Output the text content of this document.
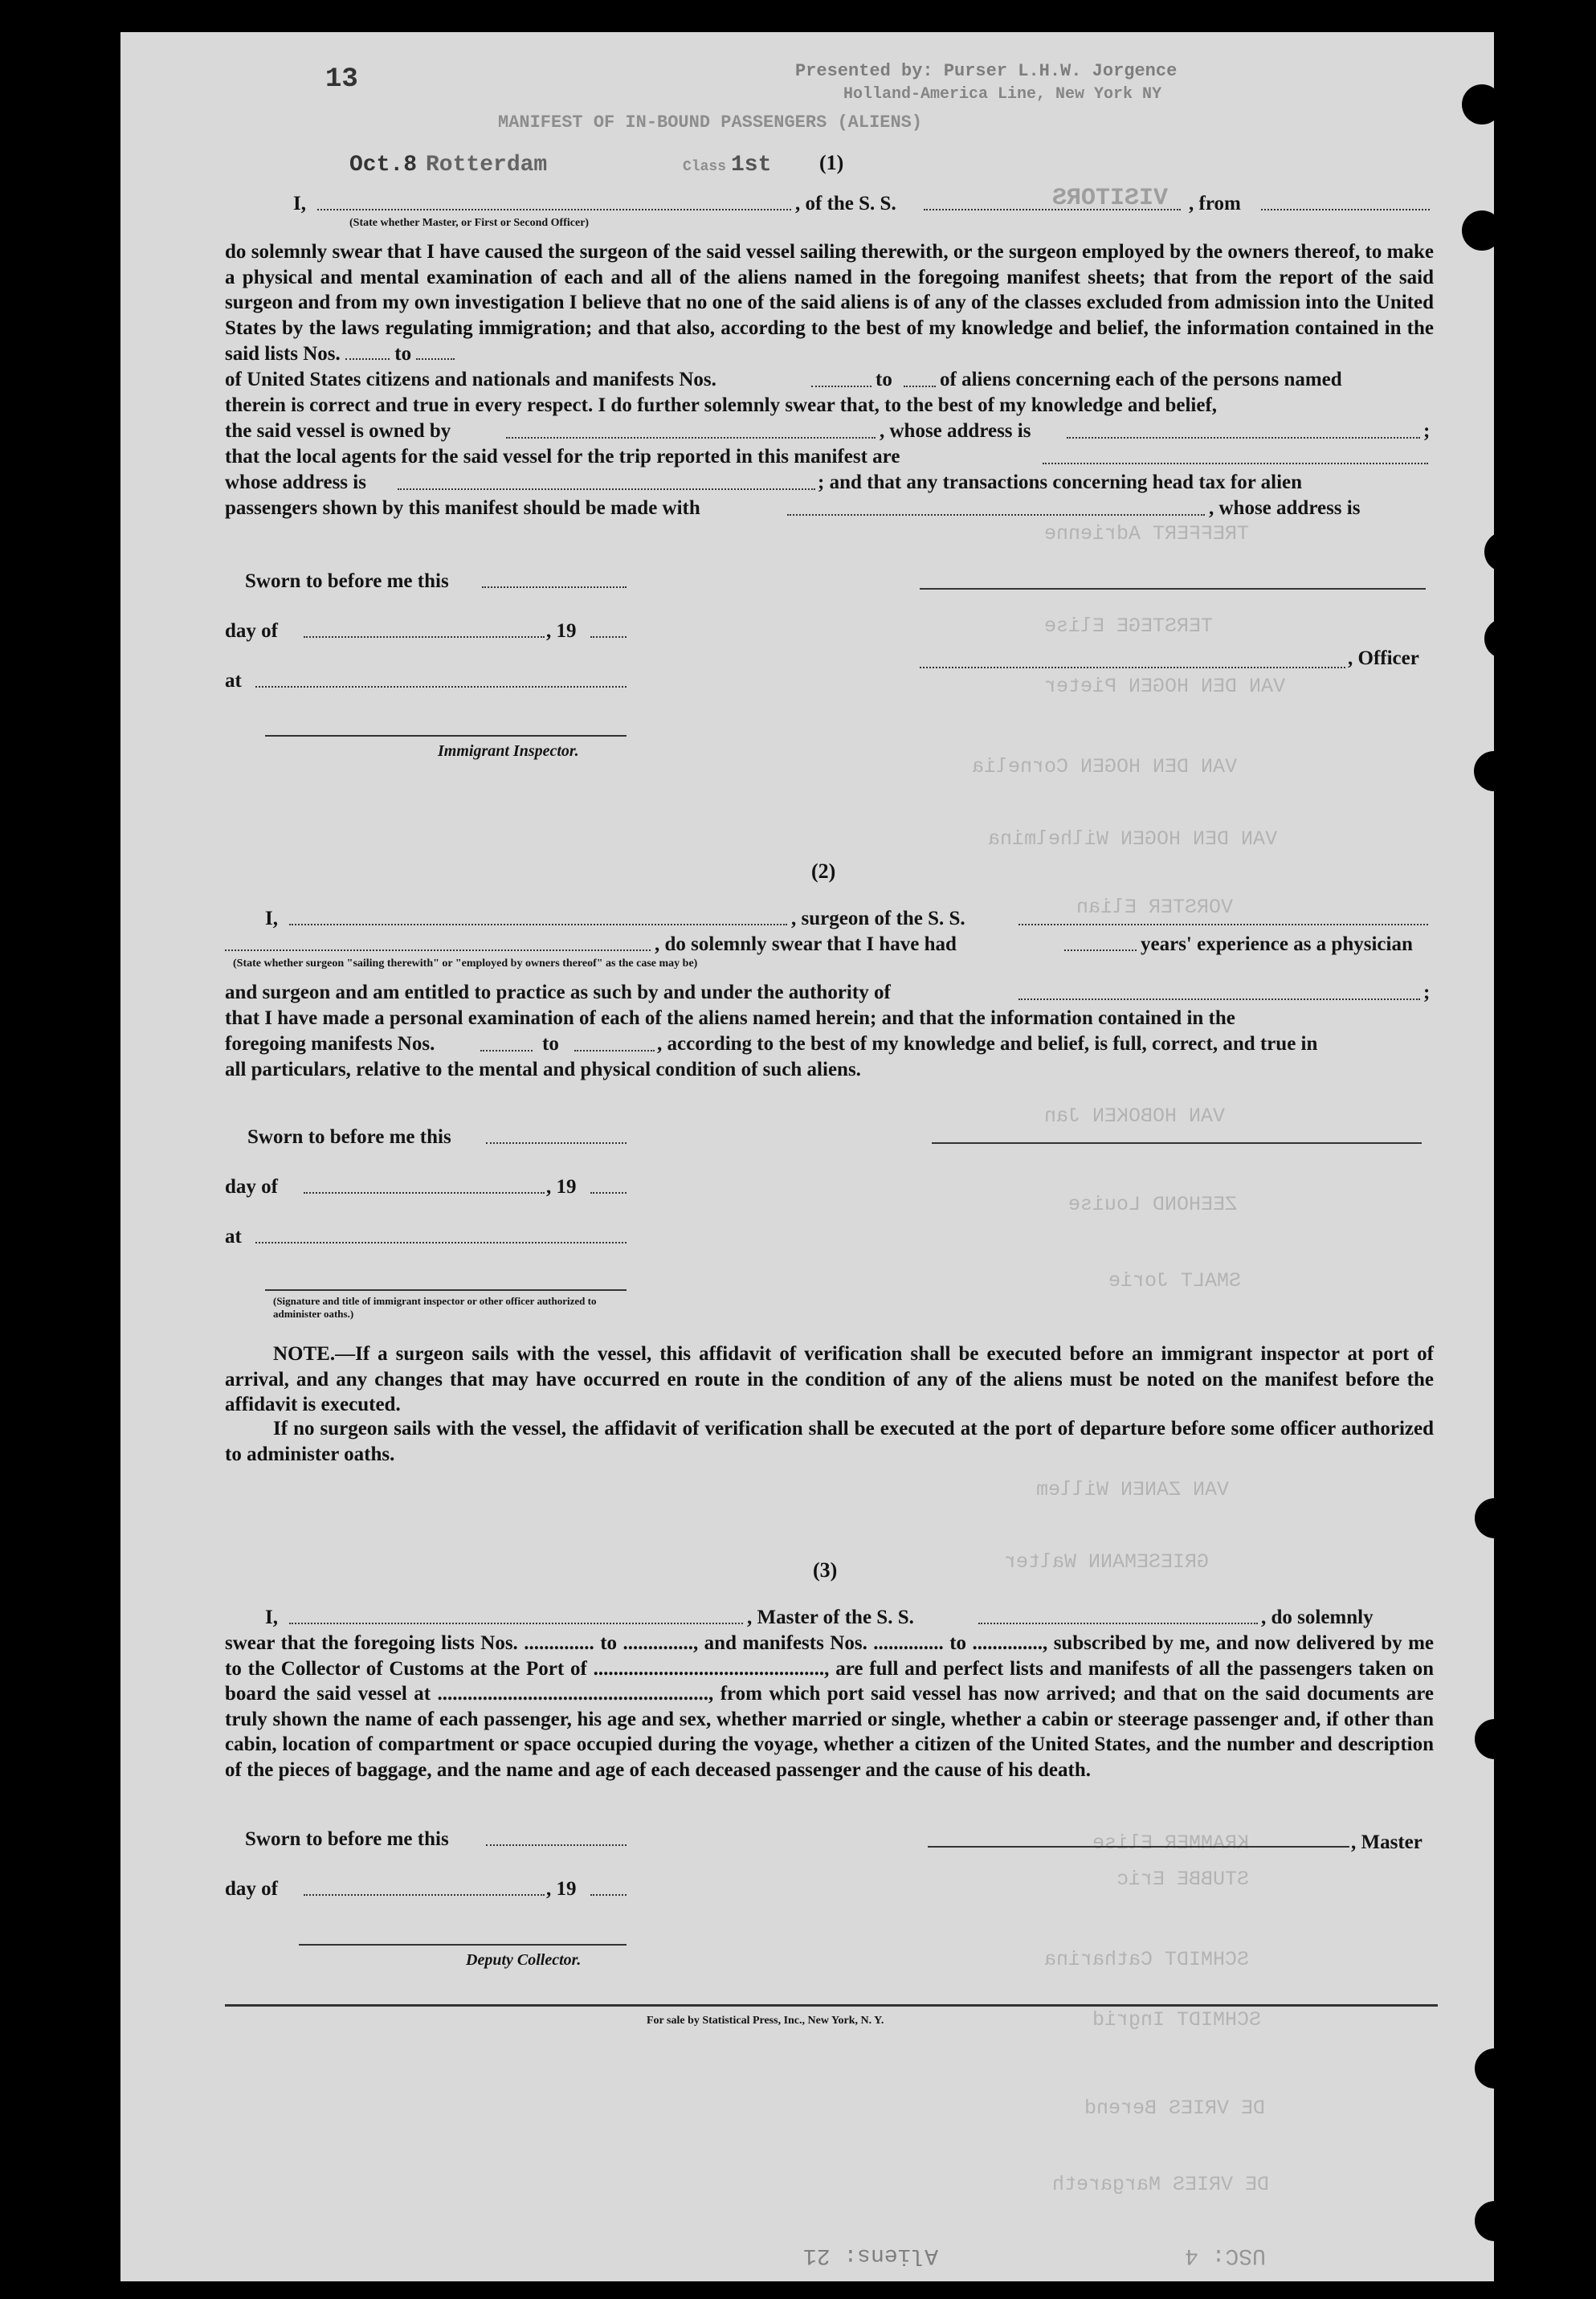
TREFFERT Adrienne
TERSTEGE Elise
VAN DEN HOGEN Pieter
VAN DEN HOGEN Cornelia
VAN DEN HOGEN Wilhelmina
VORSTER Elian
VAN HOBOKEN Jan
ZEEHOND Louise
SMALT Jorie
VAN ZANEN Willem
GRIESEMANN Walter
KRAMMER Elise
STUBBE Eric
SCHMIDT Catharina
SCHMIDT Ingrid
DE VRIES Berend
DE VRIES Margareth
13	Presented by: Purser L.H.W. Jorgence
Holland-America Line, New York NY
MANIFEST OF IN-BOUND PASSENGERS (ALIENS)
Oct.8 Rotterdam	Class 1st
VISITORS
(1)
I,	, of the S. S.	, from
(State whether Master, or First or Second Officer)
do solemnly swear that I have caused the surgeon of the said vessel sailing therewith, or the surgeon employed by the owners thereof, to make a physical and mental examination of each and all of the aliens named in the foregoing manifest sheets; that from the report of the said surgeon and from my own investigation I believe that no one of the said aliens is of any of the classes excluded from admission into the United States by the laws regulating immigration; and that also, according to the best of my knowledge and belief, the information contained in the said lists Nos.	to
of United States citizens and nationals and manifests Nos.	to of aliens concerning each of the persons named
therein is correct and true in every respect. I do further solemnly swear that, to the best of my knowledge and belief,
the said vessel is owned by	, whose address is	;
that the local agents for the said vessel for the trip reported in this manifest are
whose address is	; and that any transactions concerning head tax for alien
passengers shown by this manifest should be made with	, whose address is
Sworn to before me this
day of	, 19
, Officer
at
Immigrant Inspector.
(2)
I,	, surgeon of the S. S.
, do solemnly swear that I have had	years' experience as a physician
(State whether surgeon "sailing therewith" or "employed by owners thereof" as the case may be)
and surgeon and am entitled to practice as such by and under the authority of	;
that I have made a personal examination of each of the aliens named herein; and that the information contained in the
foregoing manifests Nos.	to	, according to the best of my knowledge and belief, is full, correct, and true in
all particulars, relative to the mental and physical condition of such aliens.
Sworn to before me this
day of	, 19
at
(Signature and title of immigrant inspector or other officer authorized to administer oaths.)
NOTE.—If a surgeon sails with the vessel, this affidavit of verification shall be executed before an immigrant inspector at port of arrival, and any changes that may have occurred en route in the condition of any of the aliens must be noted on the manifest before the affidavit is executed.
If no surgeon sails with the vessel, the affidavit of verification shall be executed at the port of departure before some officer authorized to administer oaths.
(3)
I,	, Master of the S. S.	, do solemnly
swear that the foregoing lists Nos. .............. to .............., and manifests Nos. .............. to .............., subscribed by me, and now delivered by me to the Collector of Customs at the Port of .............................................., are full and perfect lists and manifests of all the passengers taken on board the said vessel at ......................................................, from which port said vessel has now arrived; and that on the said documents are truly shown the name of each passenger, his age and sex, whether married or single, whether a cabin or steerage passenger and, if other than cabin, location of compartment or space occupied during the voyage, whether a citizen of the United States, and the number and description of the pieces of baggage, and the name and age of each deceased passenger and the cause of his death.
Sworn to before me this	, Master
day of	, 19
Deputy Collector.
For sale by Statistical Press, Inc., New York, N. Y.
Aliens: 21	USC: 4
